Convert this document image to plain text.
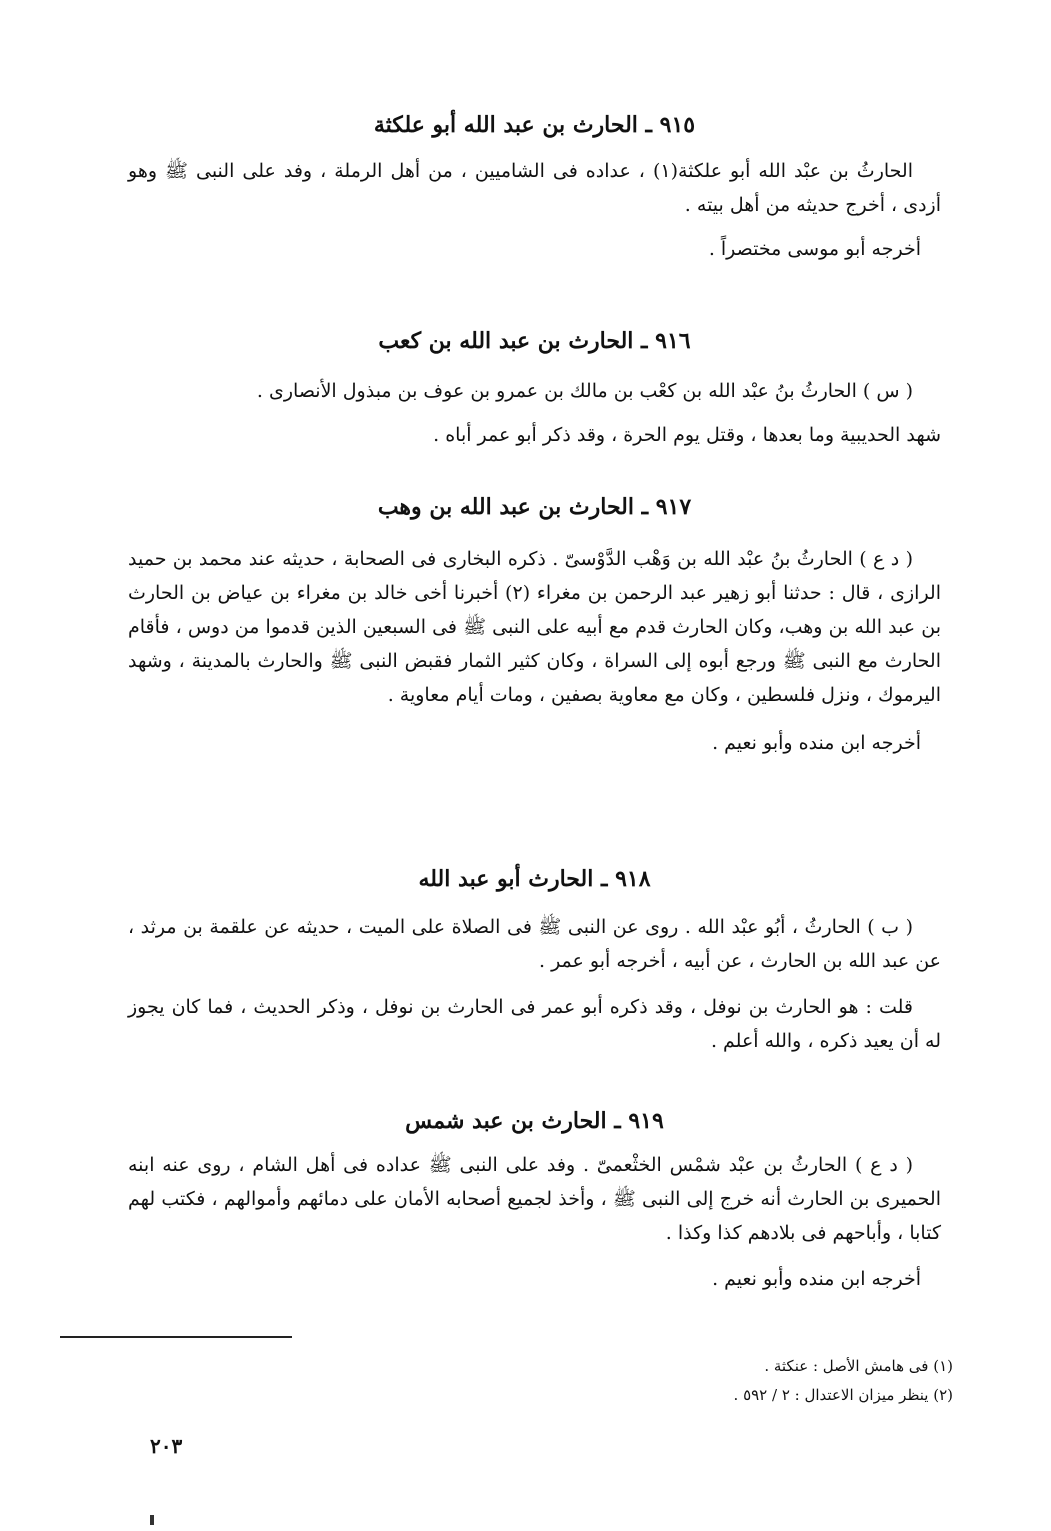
٩١٥ ـ الحارث بن عبد الله أبو علكثة

الحارثُ بن عبْد الله أبو علكثة(١) ، عداده فى الشاميين ، من أهل الرملة ، وفد على النبى ﷺ وهو أزدى ، أخرج حديثه من أهل بيته .

أخرجه أبو موسى مختصراً .

٩١٦ ـ الحارث بن عبد الله بن كعب

( س ) الحارثُ بنُ عبْد الله بن كعْب بن مالك بن عمرو بن عوف بن مبذول الأنصارى .

شهد الحديبية وما بعدها ، وقتل يوم الحرة ، وقد ذكر أبو عمر أباه .

٩١٧ ـ الحارث بن عبد الله بن وهب

( د ع ) الحارثُ بنُ عبْد الله بن وَهْب الدَّوْسىّ . ذكره البخارى فى الصحابة ، حديثه عند محمد بن حميد الرازى ، قال : حدثنا أبو زهير عبد الرحمن بن مغراء (٢) أخبرنا أخى خالد بن مغراء بن عياض بن الحارث بن عبد الله بن وهب، وكان الحارث قدم مع أبيه على النبى ﷺ فى السبعين الذين قدموا من دوس ، فأقام الحارث مع النبى ﷺ ورجع أبوه إلى السراة ، وكان كثير الثمار فقبض النبى ﷺ والحارث بالمدينة ، وشهد اليرموك ، ونزل فلسطين ، وكان مع معاوية بصفين ، ومات أيام معاوية .

أخرجه ابن منده وأبو نعيم .

٩١٨ ـ الحارث أبو عبد الله

( ب ) الحارثُ ، أبُو عبْد الله . روى عن النبى ﷺ فى الصلاة على الميت ، حديثه عن علقمة بن مرثد ، عن عبد الله بن الحارث ، عن أبيه ، أخرجه أبو عمر .

قلت : هو الحارث بن نوفل ، وقد ذكره أبو عمر فى الحارث بن نوفل ، وذكر الحديث ، فما كان يجوز له أن يعيد ذكره ، والله أعلم .

٩١٩ ـ الحارث بن عبد شمس

( د ع ) الحارثُ بن عبْد شمْس الخثْعمىّ . وفد على النبى ﷺ عداده فى أهل الشام ، روى عنه ابنه الحميرى بن الحارث أنه خرج إلى النبى ﷺ ، وأخذ لجميع أصحابه الأمان على دمائهم وأموالهم ، فكتب لهم كتابا ، وأباحهم فى بلادهم كذا وكذا .

أخرجه ابن منده وأبو نعيم .

(١) فى هامش الأصل : عنكثة .
(٢) ينظر ميزان الاعتدال : ٢ / ٥٩٢ .
٢٠٣
